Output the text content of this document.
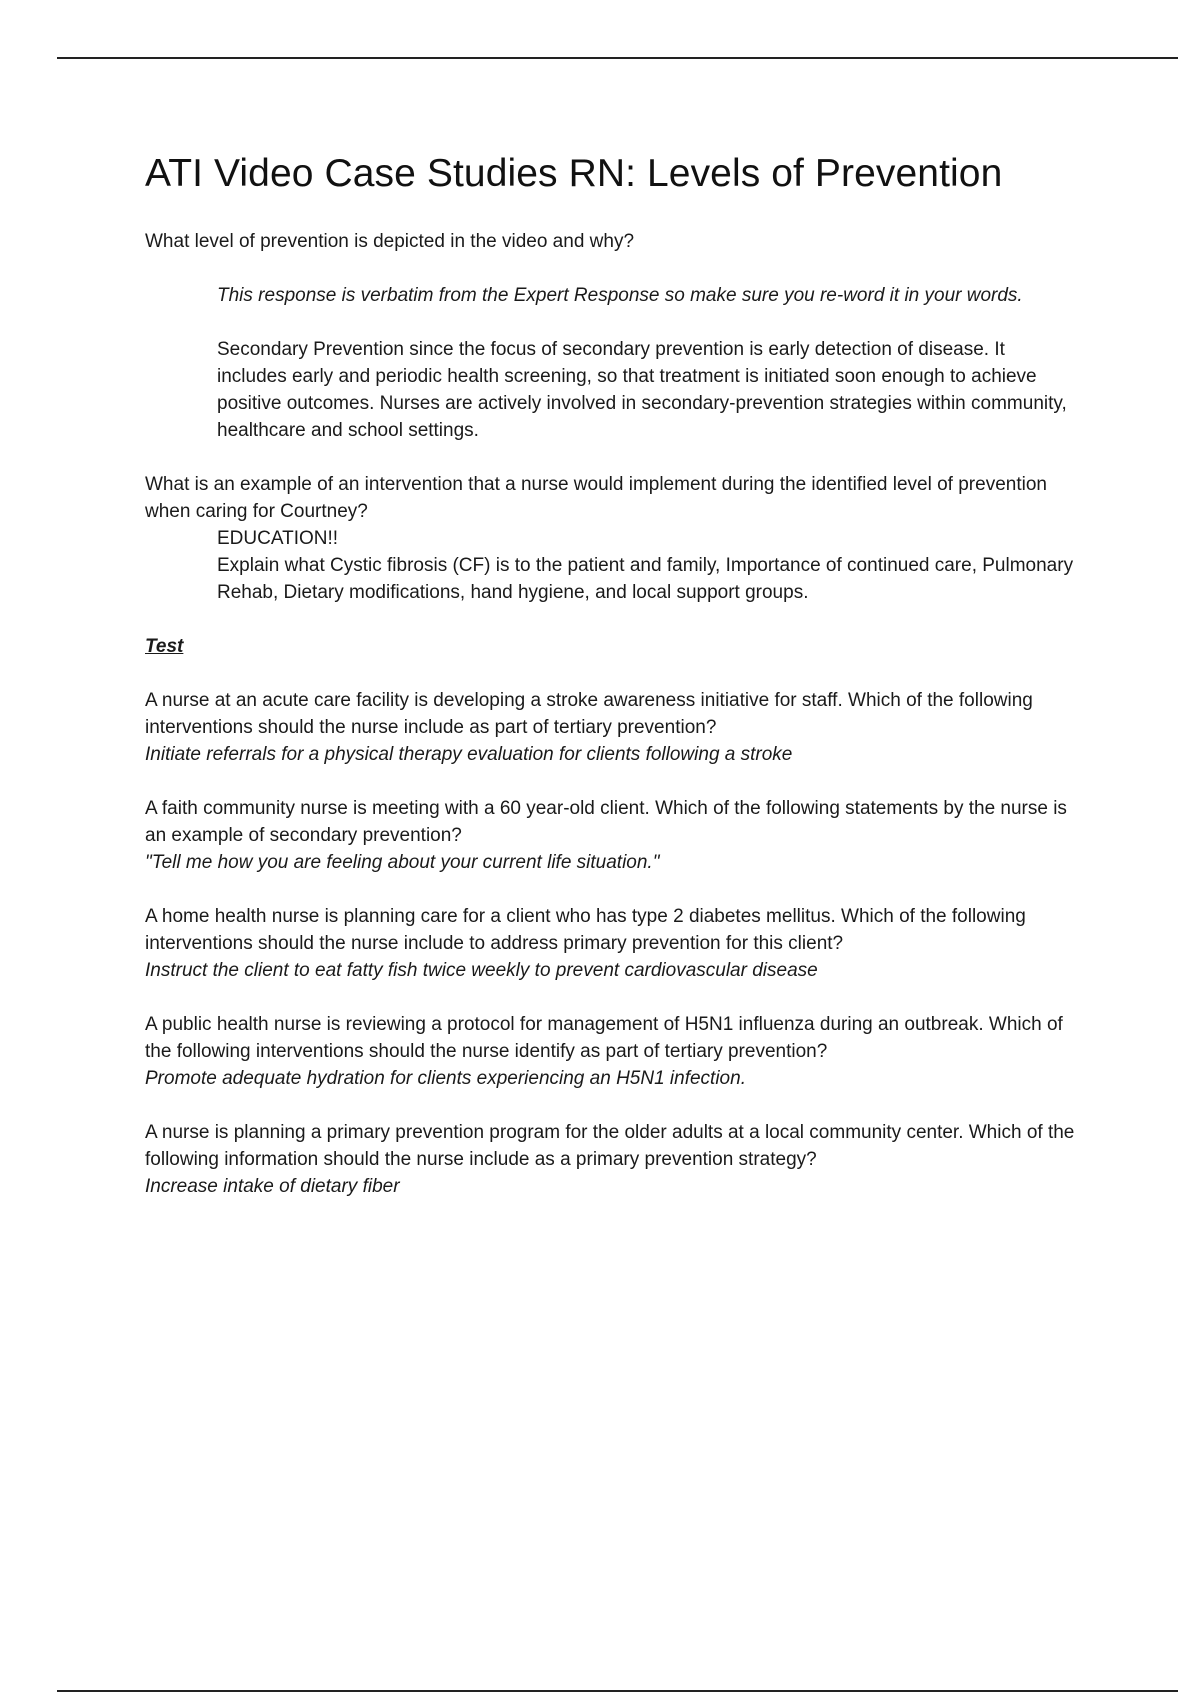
ATI Video Case Studies RN: Levels of Prevention

What level of prevention is depicted in the video and why?

This response is verbatim from the Expert Response so make sure you re-word it in your words.

Secondary Prevention since the focus of secondary prevention is early detection of disease. It includes early and periodic health screening, so that treatment is initiated soon enough to achieve positive outcomes. Nurses are actively involved in secondary-prevention strategies within community, healthcare and school settings.

What is an example of an intervention that a nurse would implement during the identified level of prevention when caring for Courtney?

EDUCATION!!

Explain what Cystic fibrosis (CF) is to the patient and family, Importance of continued care, Pulmonary Rehab, Dietary modifications, hand hygiene, and local support groups.

Test

A nurse at an acute care facility is developing a stroke awareness initiative for staff. Which of the following interventions should the nurse include as part of tertiary prevention?

Initiate referrals for a physical therapy evaluation for clients following a stroke

A faith community nurse is meeting with a 60 year-old client. Which of the following statements by the nurse is an example of secondary prevention?

"Tell me how you are feeling about your current life situation."

A home health nurse is planning care for a client who has type 2 diabetes mellitus. Which of the following interventions should the nurse include to address primary prevention for this client?

Instruct the client to eat fatty fish twice weekly to prevent cardiovascular disease

A public health nurse is reviewing a protocol for management of H5N1 influenza during an outbreak. Which of the following interventions should the nurse identify as part of tertiary prevention?

Promote adequate hydration for clients experiencing an H5N1 infection.

A nurse is planning a primary prevention program for the older adults at a local community center. Which of the following information should the nurse include as a primary prevention strategy?

Increase intake of dietary fiber
